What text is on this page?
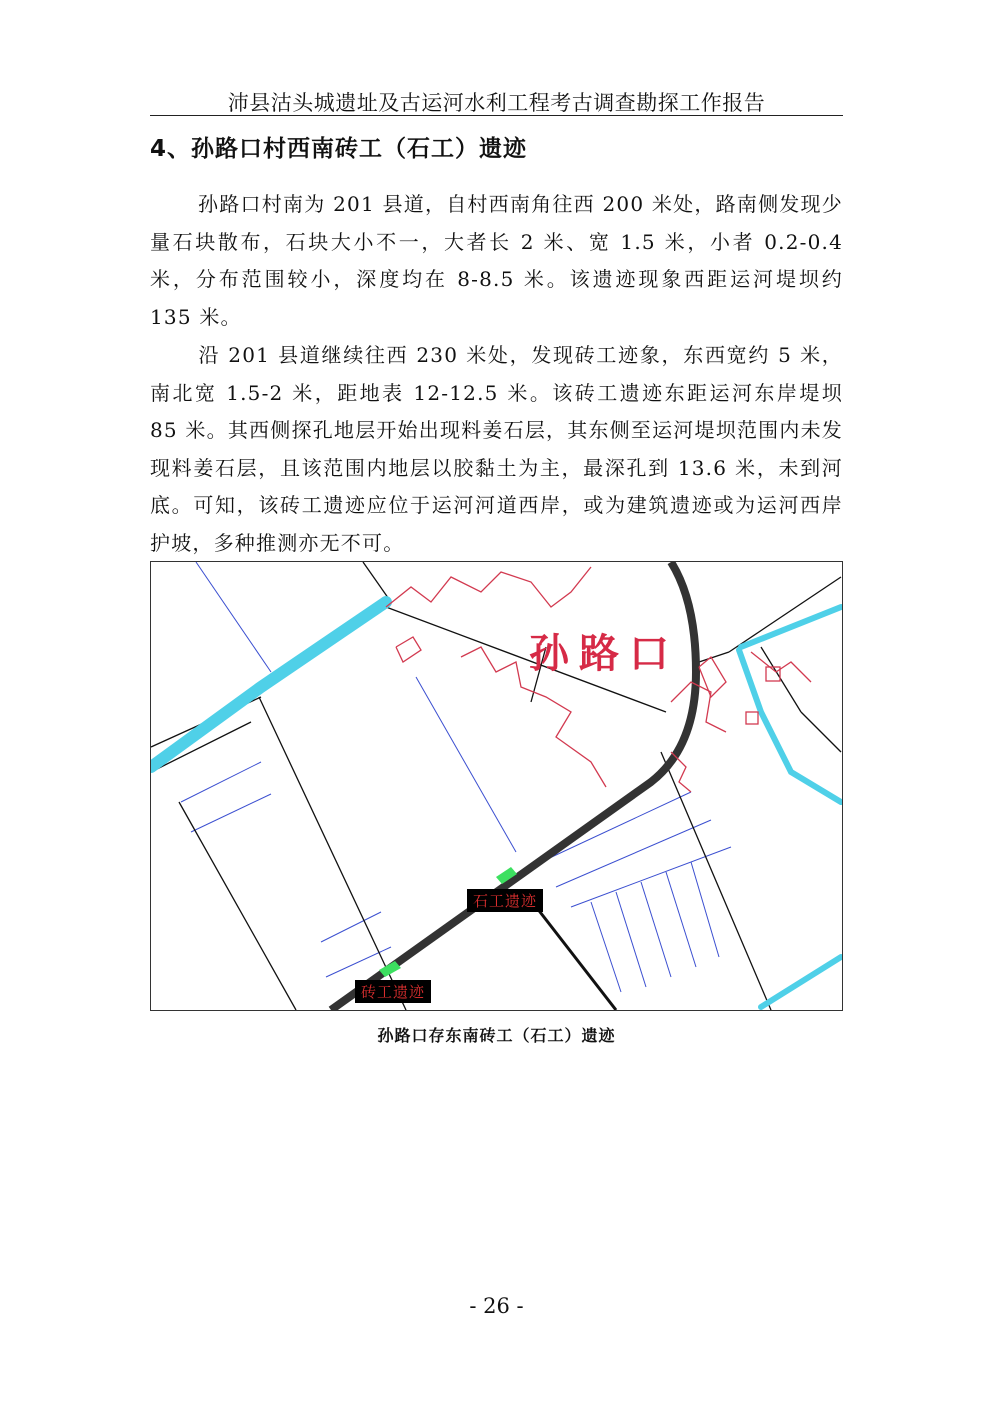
沛县沽头城遗址及古运河水利工程考古调查勘探工作报告
4、孙路口村西南砖工（石工）遗迹

孙路口村南为 201 县道，自村西南角往西 200 米处，路南侧发现少量石块散布，石块大小不一，大者长 2 米、宽 1.5 米，小者 0.2-0.4 米，分布范围较小，深度均在 8-8.5 米。该遗迹现象西距运河堤坝约 135 米。

沿 201 县道继续往西 230 米处，发现砖工迹象，东西宽约 5 米，南北宽 1.5-2 米，距地表 12-12.5 米。该砖工遗迹东距运河东岸堤坝 85 米。其西侧探孔地层开始出现料姜石层，其东侧至运河堤坝范围内未发现料姜石层，且该范围内地层以胶黏土为主，最深孔到 13.6 米，未到河底。可知，该砖工遗迹应位于运河河道西岸，或为建筑遗迹或为运河西岸护坡，多种推测亦无不可。

孙路口
石工遗迹
砖工遗迹
孙路口存东南砖工（石工）遗迹
- 26 -
